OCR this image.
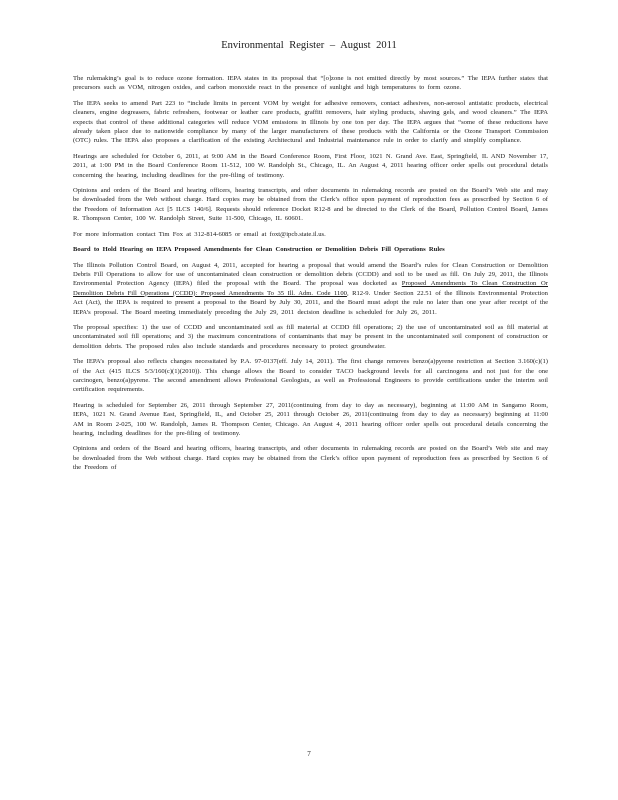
Environmental Register – August 2011

The rulemaking’s goal is to reduce ozone formation. IEPA states in its proposal that “[o]zone is not emitted directly by most sources.” The IEPA further states that precursors such as VOM, nitrogen oxides, and carbon monoxide react in the presence of sunlight and high temperatures to form ozone.

The IEPA seeks to amend Part 223 to “include limits in percent VOM by weight for adhesive removers, contact adhesives, non-aerosol antistatic products, electrical cleaners, engine degreasers, fabric refreshers, footwear or leather care products, graffiti removers, hair styling products, shaving gels, and wood cleaners.” The IEPA expects that control of these additional categories will reduce VOM emissions in Illinois by one ton per day. The IEPA argues that “some of these reductions have already taken place due to nationwide compliance by many of the larger manufacturers of these products with the California or the Ozone Transport Commission (OTC) rules. The IEPA also proposes a clarification of the existing Architectural and Industrial maintenance rule in order to clarify and simplify compliance.

Hearings are scheduled for October 6, 2011, at 9:00 AM in the Board Conference Room, First Floor, 1021 N. Grand Ave. East, Springfield, IL AND November 17, 2011, at 1:00 PM in the Board Conference Room 11-512, 100 W. Randolph St., Chicago, IL. An August 4, 2011 hearing officer order spells out procedural details concerning the hearing, including deadlines for the pre-filing of testimony.

Opinions and orders of the Board and hearing officers, hearing transcripts, and other documents in rulemaking records are posted on the Board’s Web site and may be downloaded from the Web without charge. Hard copies may be obtained from the Clerk’s office upon payment of reproduction fees as prescribed by Section 6 of the Freedom of Information Act [5 ILCS 140/6]. Requests should reference Docket R12-8 and be directed to the Clerk of the Board, Pollution Control Board, James R. Thompson Center, 100 W. Randolph Street, Suite 11-500, Chicago, IL 60601.

For more information contact Tim Fox at 312-814-6085 or email at foxt@ipcb.state.il.us.

Board to Hold Hearing on IEPA Proposed Amendments for Clean Construction or Demolition Debris Fill Operations Rules

The Illinois Pollution Control Board, on August 4, 2011, accepted for hearing a proposal that would amend the Board’s rules for Clean Construction or Demolition Debris Fill Operations to allow for use of uncontaminated clean construction or demolition debris (CCDD) and soil to be used as fill. On July 29, 2011, the Illinois Environmental Protection Agency (IEPA) filed the proposal with the Board. The proposal was docketed as Proposed Amendments To Clean Construction Or Demolition Debris Fill Operations (CCDD): Proposed Amendments To 35 Ill. Adm. Code 1100, R12-9. Under Section 22.51 of the Illinois Environmental Protection Act (Act), the IEPA is required to present a proposal to the Board by July 30, 2011, and the Board must adopt the rule no later than one year after receipt of the IEPA’s proposal. The Board meeting immediately preceding the July 29, 2011 decision deadline is scheduled for July 26, 2011.

The proposal specifies: 1) the use of CCDD and uncontaminated soil as fill material at CCDD fill operations; 2) the use of uncontaminated soil as fill material at uncontaminated soil fill operations; and 3) the maximum concentrations of contaminants that may be present in the uncontaminated soil component of construction or demolition debris. The proposed rules also include standards and procedures necessary to protect groundwater.

The IEPA’s proposal also reflects changes necessitated by P.A. 97-0137(eff. July 14, 2011). The first change removes benzo(a)pyrene restriction at Section 3.160(c)(1) of the Act (415 ILCS 5/3/160(c)(1)(2010)). This change allows the Board to consider TACO background levels for all carcinogens and not just for the one carcinogen, benzo(a)pyrene. The second amendment allows Professional Geologists, as well as Professional Engineers to provide certifications under the interim soil certification requirements.

Hearing is scheduled for September 26, 2011 through September 27, 2011(continuing from day to day as necessary), beginning at 11:00 AM in Sangamo Room, IEPA, 1021 N. Grand Avenue East, Springfield, IL, and October 25, 2011 through October 26, 2011(continuing from day to day as necessary) beginning at 11:00 AM in Room 2-025, 100 W. Randolph, James R. Thompson Center, Chicago. An August 4, 2011 hearing officer order spells out procedural details concerning the hearing, including deadlines for the pre-filing of testimony.

Opinions and orders of the Board and hearing officers, hearing transcripts, and other documents in rulemaking records are posted on the Board’s Web site and may be downloaded from the Web without charge. Hard copies may be obtained from the Clerk’s office upon payment of reproduction fees as prescribed by Section 6 of the Freedom of

7
